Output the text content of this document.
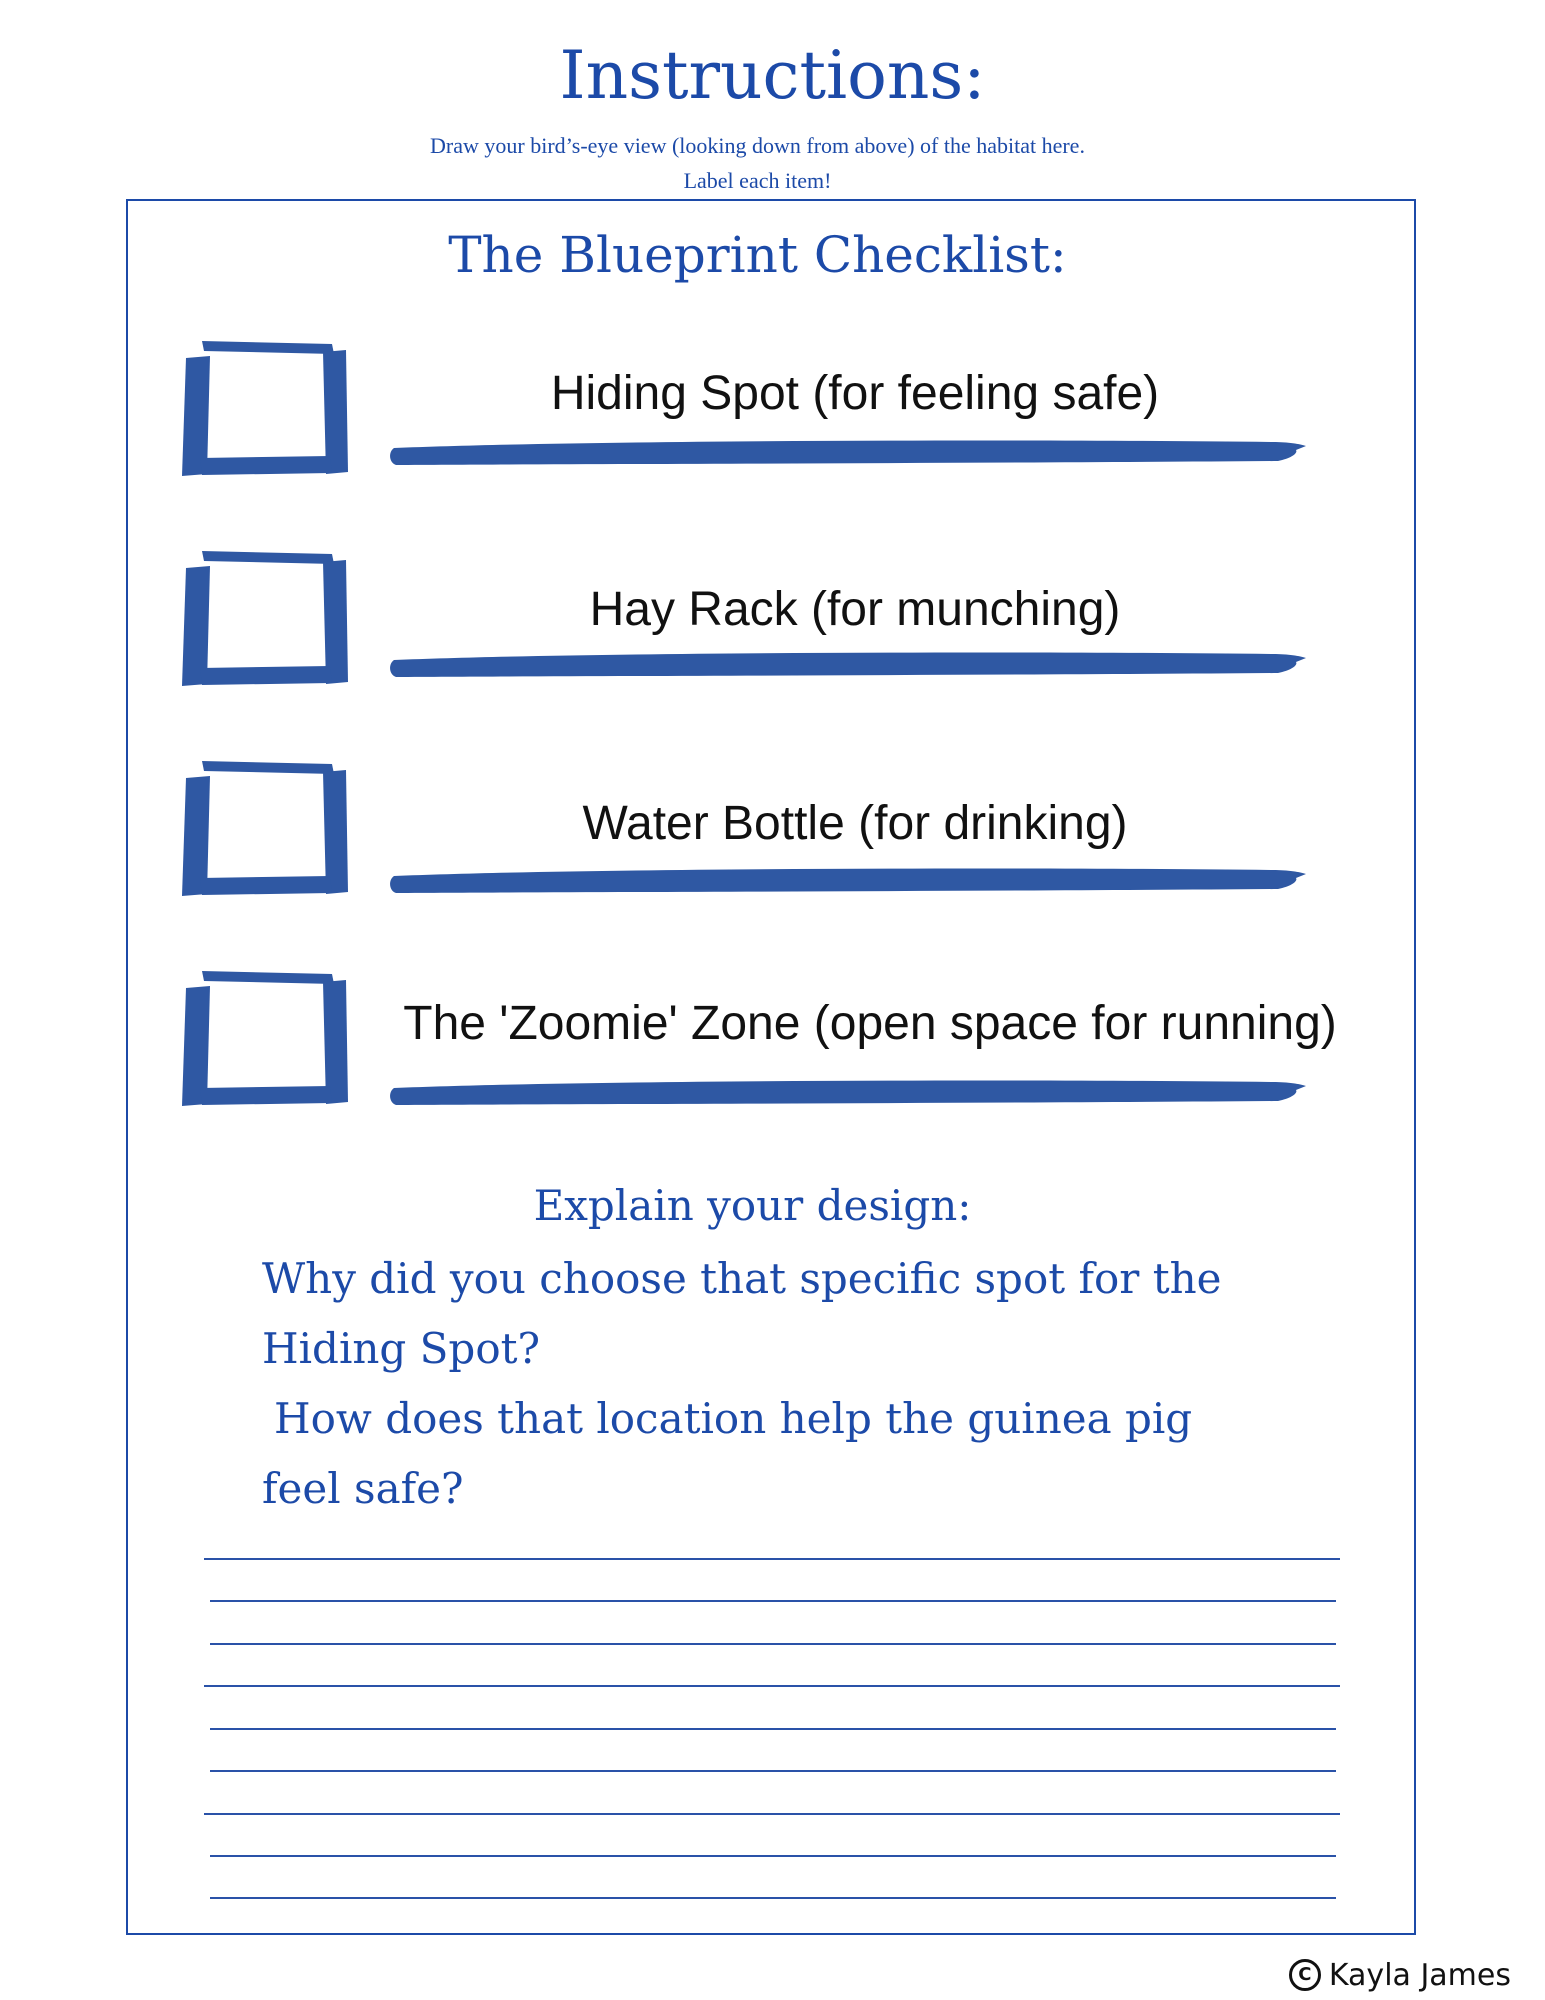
Instructions:
Draw your bird’s-eye view (looking down from above) of the habitat here.
Label each item!
The Blueprint Checklist:
Hiding Spot (for feeling safe)
Hay Rack (for munching)
Water Bottle (for drinking)
The 'Zoomie' Zone (open space for running)
Explain your design:
Why did you choose that specific spot for the Hiding Spot?
How does that location help the guinea pig feel safe?
C Kayla James
